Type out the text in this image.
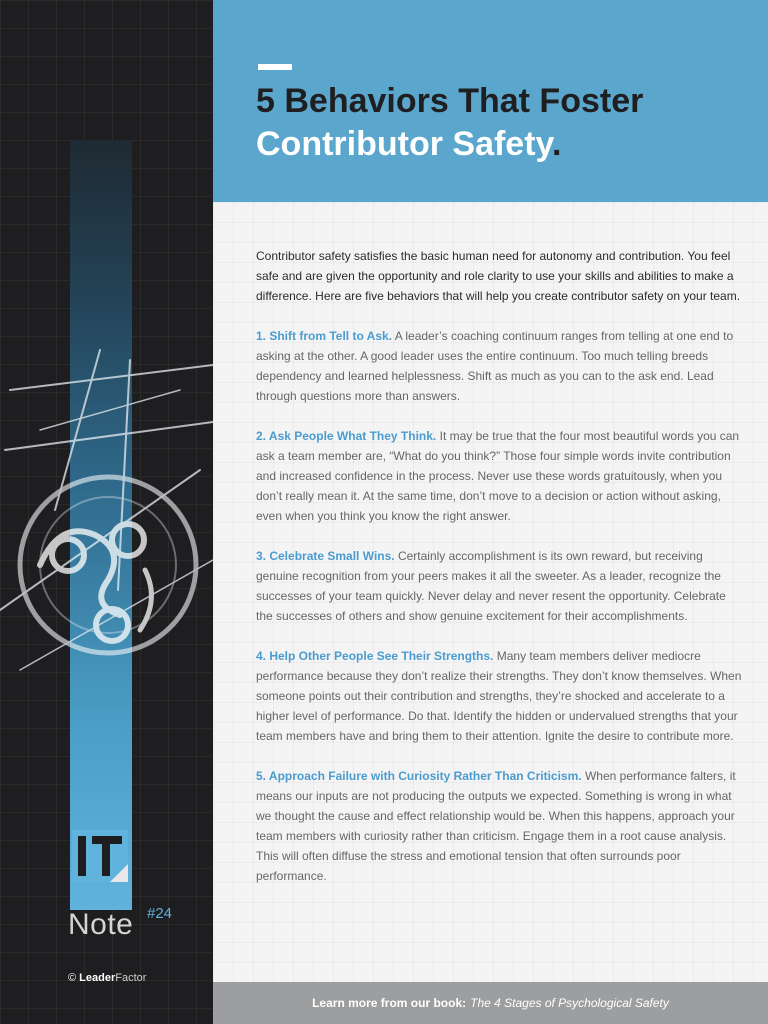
Note #24
© LeaderFactor
5 Behaviors That Foster
Contributor Safety.

Contributor safety satisfies the basic human need for autonomy and contribution. You feel safe and are given the opportunity and role clarity to use your skills and abilities to make a difference. Here are five behaviors that will help you create contributor safety on your team.

1. Shift from Tell to Ask. A leader’s coaching continuum ranges from telling at one end to asking at the other. A good leader uses the entire continuum. Too much telling breeds dependency and learned helplessness. Shift as much as you can to the ask end. Lead through questions more than answers.

2. Ask People What They Think. It may be true that the four most beautiful words you can ask a team member are, “What do you think?” Those four simple words invite contribution and increased confidence in the process. Never use these words gratuitously, when you don’t really mean it. At the same time, don’t move to a decision or action without asking, even when you think you know the right answer.

3. Celebrate Small Wins. Certainly accomplishment is its own reward, but receiving genuine recognition from your peers makes it all the sweeter. As a leader, recognize the successes of your team quickly. Never delay and never resent the opportunity. Celebrate the successes of others and show genuine excitement for their accomplishments.

4. Help Other People See Their Strengths. Many team members deliver mediocre performance because they don’t realize their strengths. They don’t know themselves. When someone points out their contribution and strengths, they’re shocked and accelerate to a higher level of performance. Do that. Identify the hidden or undervalued strengths that your team members have and bring them to their attention. Ignite the desire to contribute more.

5. Approach Failure with Curiosity Rather Than Criticism. When performance falters, it means our inputs are not producing the outputs we expected. Something is wrong in what we thought the cause and effect relationship would be. When this happens, approach your team members with curiosity rather than criticism. Engage them in a root cause analysis. This will often diffuse the stress and emotional tension that often surrounds poor performance.

Learn more from our book: The 4 Stages of Psychological Safety
